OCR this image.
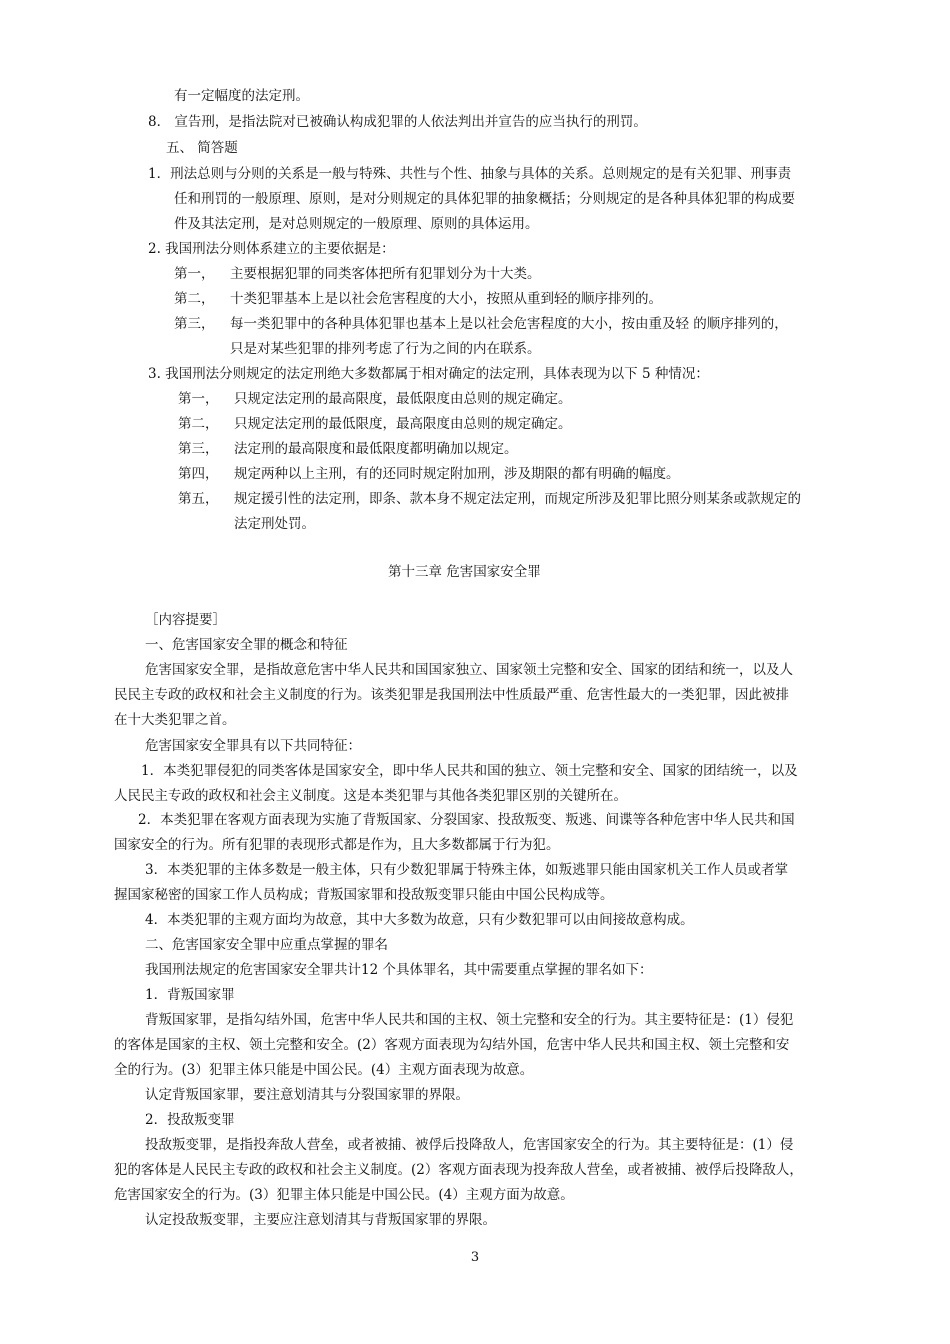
有一定幅度的法定刑。
8． 宣告刑，是指法院对已被确认构成犯罪的人依法判出并宣告的应当执行的刑罚。
五、 简答题
1．刑法总则与分则的关系是一般与特殊、共性与个性、抽象与具体的关系。总则规定的是有关犯罪、刑事责
任和刑罚的一般原理、原则，是对分则规定的具体犯罪的抽象概括；分则规定的是各种具体犯罪的构成要
件及其法定刑，是对总则规定的一般原理、原则的具体运用。
2. 我国刑法分则体系建立的主要依据是：
第一， 主要根据犯罪的同类客体把所有犯罪划分为十大类。
第二， 十类犯罪基本上是以社会危害程度的大小，按照从重到轻的顺序排列的。
第三， 每一类犯罪中的各种具体犯罪也基本上是以社会危害程度的大小，按由重及轻 的顺序排列的，
只是对某些犯罪的排列考虑了行为之间的内在联系。
3. 我国刑法分则规定的法定刑绝大多数都属于相对确定的法定刑，具体表现为以下 5 种情况：
第一， 只规定法定刑的最高限度，最低限度由总则的规定确定。
第二， 只规定法定刑的最低限度，最高限度由总则的规定确定。
第三， 法定刑的最高限度和最低限度都明确加以规定。
第四， 规定两种以上主刑，有的还同时规定附加刑，涉及期限的都有明确的幅度。
第五， 规定援引性的法定刑，即条、款本身不规定法定刑，而规定所涉及犯罪比照分则某条或款规定的
法定刑处罚。
第十三章 危害国家安全罪
［内容提要］
一、危害国家安全罪的概念和特征
危害国家安全罪，是指故意危害中华人民共和国国家独立、国家领土完整和安全、国家的团结和统一，以及人
民民主专政的政权和社会主义制度的行为。该类犯罪是我国刑法中性质最严重、危害性最大的一类犯罪，因此被排
在十大类犯罪之首。
危害国家安全罪具有以下共同特征：
1．本类犯罪侵犯的同类客体是国家安全，即中华人民共和国的独立、领土完整和安全、国家的团结统一，以及
人民民主专政的政权和社会主义制度。这是本类犯罪与其他各类犯罪区别的关键所在。
2．本类犯罪在客观方面表现为实施了背叛国家、分裂国家、投敌叛变、叛逃、间谍等各种危害中华人民共和国
国家安全的行为。所有犯罪的表现形式都是作为，且大多数都属于行为犯。
3．本类犯罪的主体多数是一般主体，只有少数犯罪属于特殊主体，如叛逃罪只能由国家机关工作人员或者掌
握国家秘密的国家工作人员构成；背叛国家罪和投敌叛变罪只能由中国公民构成等。
4．本类犯罪的主观方面均为故意，其中大多数为故意，只有少数犯罪可以由间接故意构成。
二、危害国家安全罪中应重点掌握的罪名
我国刑法规定的危害国家安全罪共计12 个具体罪名，其中需要重点掌握的罪名如下：
1．背叛国家罪
背叛国家罪，是指勾结外国，危害中华人民共和国的主权、领土完整和安全的行为。其主要特征是：(1）侵犯
的客体是国家的主权、领土完整和安全。(2）客观方面表现为勾结外国，危害中华人民共和国主权、领土完整和安
全的行为。(3）犯罪主体只能是中国公民。(4）主观方面表现为故意。
认定背叛国家罪，要注意划清其与分裂国家罪的界限。
2．投敌叛变罪
投敌叛变罪，是指投奔敌人营垒，或者被捕、被俘后投降敌人，危害国家安全的行为。其主要特征是：(1）侵
犯的客体是人民民主专政的政权和社会主义制度。(2）客观方面表现为投奔敌人营垒，或者被捕、被俘后投降敌人，
危害国家安全的行为。(3）犯罪主体只能是中国公民。(4）主观方面为故意。
认定投敌叛变罪，主要应注意划清其与背叛国家罪的界限。
3
